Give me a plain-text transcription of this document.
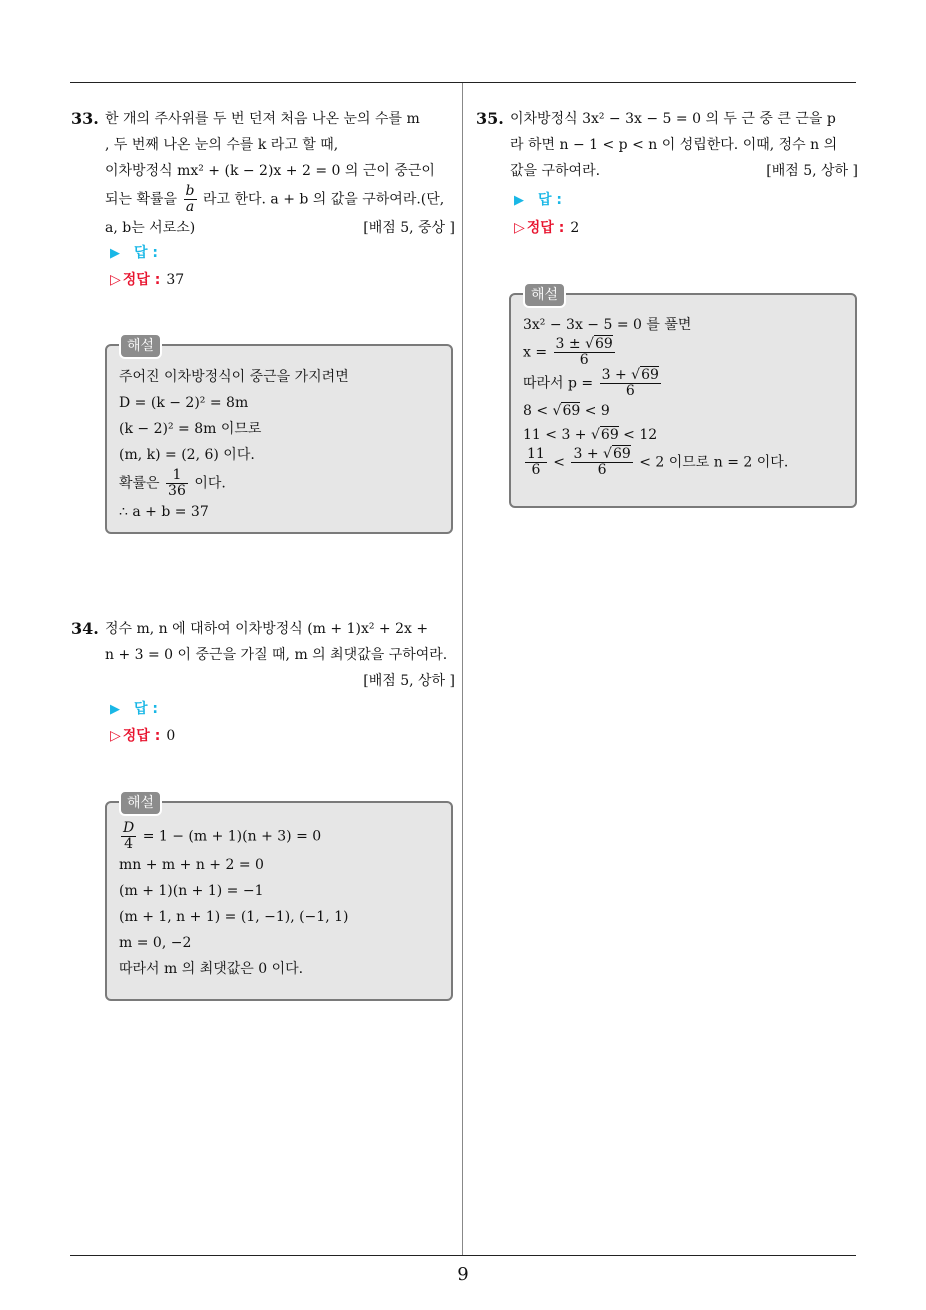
9
33. 한 개의 주사위를 두 번 던져 처음 나온 눈의 수를 m
, 두 번째 나온 눈의 수를 k 라고 할 때,
이차방정식 mx² + (k − 2)x + 2 = 0 의 근이 중근이
되는 확률을 $\frac{b}{a}$ 라고 한다. a + b 의 값을 구하여라.(단,
a, b는 서로소)	[배점 5, 중상 ]
▶ 답 :
▷ 정답 : 37
해설
주어진 이차방정식이 중근을 가지려면
D = (k − 2)² = 8m
(k − 2)² = 8m 이므로
(m, k) = (2, 6) 이다.
확률은 $\frac{1}{36}$ 이다.
∴ a + b = 37
34. 정수 m, n 에 대하여 이차방정식 (m + 1)x² + 2x +
n + 3 = 0 이 중근을 가질 때, m 의 최댓값을 구하여라.
[배점 5, 상하 ]
▶ 답 :
▷ 정답 : 0
해설
$\frac{D}{4} = 1 - (m + 1)(n + 3) = 0$
mn + m + n + 2 = 0
(m + 1)(n + 1) = −1
(m + 1, n + 1) = (1, −1), (−1, 1)
m = 0, −2
따라서 m 의 최댓값은 0 이다.
35. 이차방정식 3x² − 3x − 5 = 0 의 두 근 중 큰 근을 p
라 하면 n − 1 < p < n 이 성립한다. 이때, 정수 n 의
값을 구하여라.	[배점 5, 상하 ]
▶ 답 :
▷ 정답 : 2
해설
3x² − 3x − 5 = 0 를 풀면
$x = \frac{3 \pm √69}{6}$
따라서 $p = \frac{3 + √69}{6}$
8 < √69 < 9
11 < 3 + √69 < 12
$\frac{11}{6} < \frac{3 + √69}{6} < 2$ 이므로 n = 2 이다.
